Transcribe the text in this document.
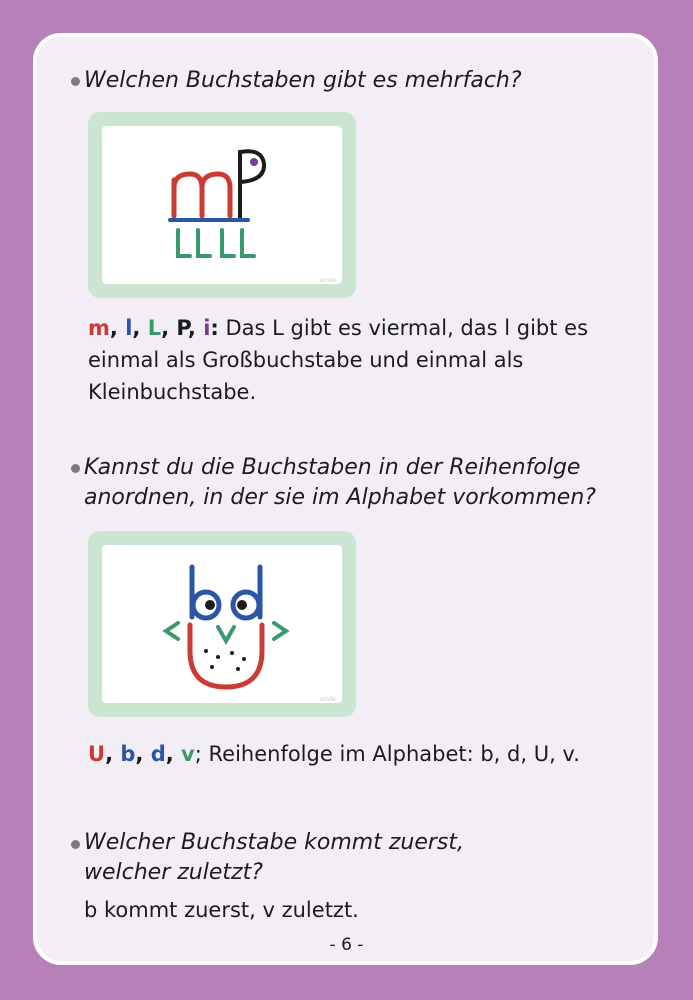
Welchen Buchstaben gibt es mehrfach?
smile
m, l, L, P, i: Das L gibt es viermal, das l gibt es einmal als Großbuchstabe und einmal als Kleinbuchstabe.
Kannst du die Buchstaben in der Reihenfolge anordnen, in der sie im Alphabet vorkommen?
smile
U, b, d, v; Reihenfolge im Alphabet: b, d, U, v.
Welcher Buchstabe kommt zuerst, welcher zuletzt?
b kommt zuerst, v zuletzt.
- 6 -
